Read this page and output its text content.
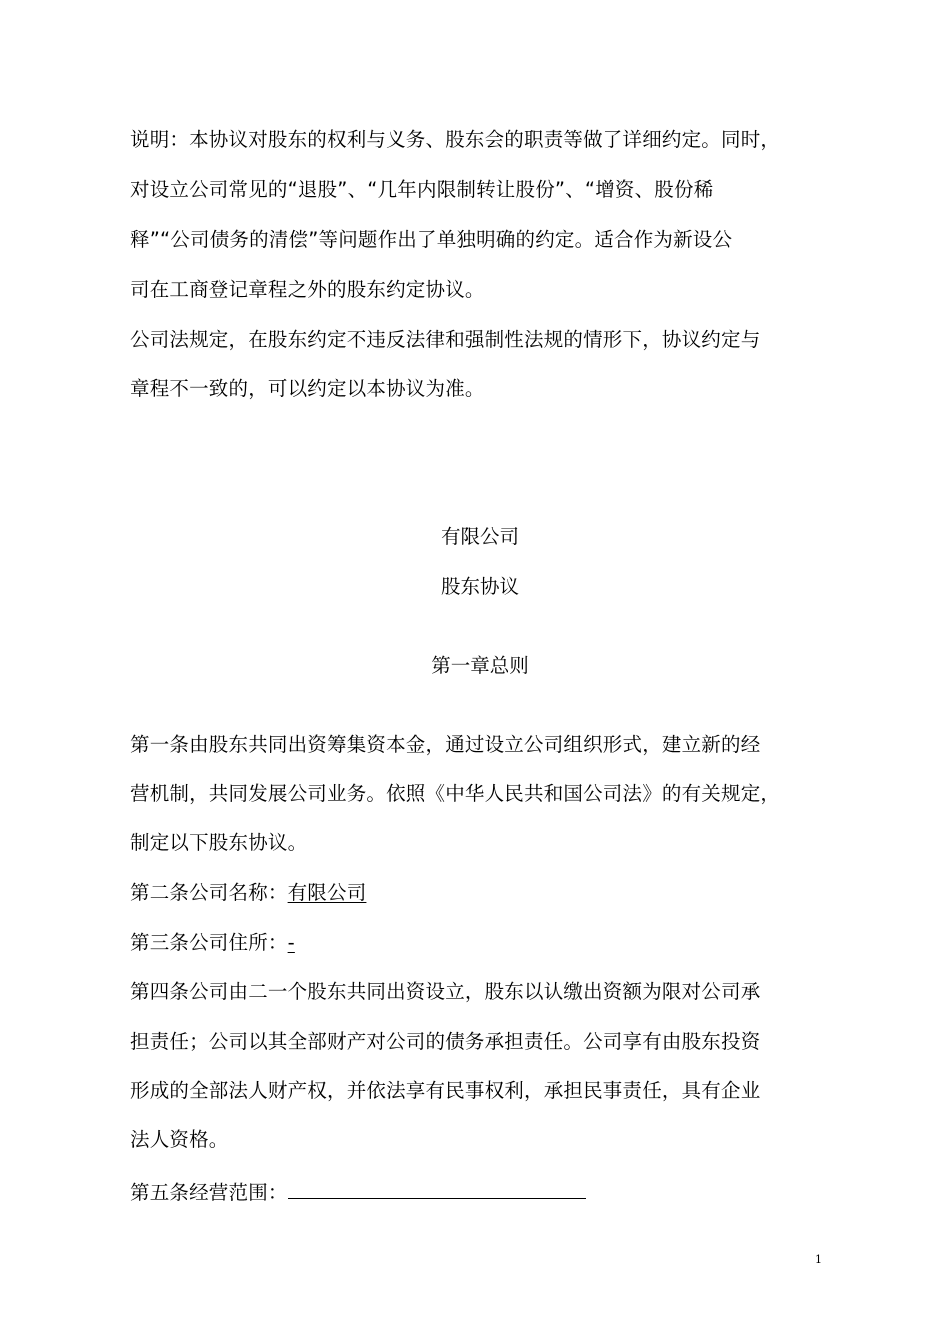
说明：本协议对股东的权利与义务、股东会的职责等做了详细约定。同时，
对设立公司常见的“退股”、“几年内限制转让股份”、“增资、股份稀
释”“公司债务的清偿”等问题作出了单独明确的约定。适合作为新设公
司在工商登记章程之外的股东约定协议。
公司法规定，在股东约定不违反法律和强制性法规的情形下，协议约定与
章程不一致的，可以约定以本协议为准。
有限公司
股东协议
第一章总则
第一条由股东共同出资筹集资本金，通过设立公司组织形式，建立新的经
营机制，共同发展公司业务。依照《中华人民共和国公司法》的有关规定，
制定以下股东协议。
第二条公司名称：有限公司
第三条公司住所：-
第四条公司由二一个股东共同出资设立，股东以认缴出资额为限对公司承
担责任；公司以其全部财产对公司的债务承担责任。公司享有由股东投资
形成的全部法人财产权，并依法享有民事权利，承担民事责任，具有企业
法人资格。
第五条经营范围：
1
